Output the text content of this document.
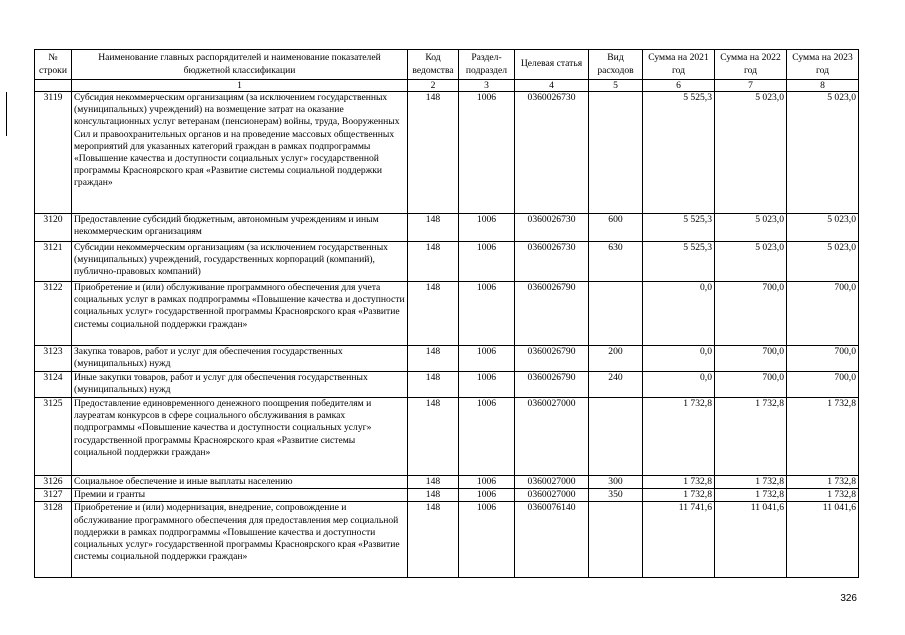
№ строки	Наименование главных распорядителей и наименование показателей бюджетной классификации	Код ведомства	Раздел-подраздел	Целевая статья	Вид расходов	Сумма на 2021 год	Сумма на 2022 год	Сумма на 2023 год
	1	2	3	4	5	6	7	8
3119	Субсидия некоммерческим организациям (за исключением государственных (муниципальных) учреждений) на возмещение затрат на оказание консультационных услуг ветеранам (пенсионерам) войны, труда, Вооруженных Сил и правоохранительных органов и на проведение массовых общественных мероприятий для указанных категорий граждан в рамках подпрограммы «Повышение качества и доступности социальных услуг» государственной программы Красноярского края «Развитие системы социальной поддержки граждан»	148	1006	0360026730		5 525,3	5 023,0	5 023,0
3120	Предоставление субсидий бюджетным, автономным учреждениям и иным некоммерческим организациям	148	1006	0360026730	600	5 525,3	5 023,0	5 023,0
3121	Субсидии некоммерческим организациям (за исключением государственных (муниципальных) учреждений, государственных корпораций (компаний), публично-правовых компаний)	148	1006	0360026730	630	5 525,3	5 023,0	5 023,0
3122	Приобретение и (или) обслуживание программного обеспечения для учета социальных услуг в рамках подпрограммы «Повышение качества и доступности социальных услуг» государственной программы Красноярского края «Развитие системы социальной поддержки граждан»	148	1006	0360026790		0,0	700,0	700,0
3123	Закупка товаров, работ и услуг для обеспечения государственных (муниципальных) нужд	148	1006	0360026790	200	0,0	700,0	700,0
3124	Иные закупки товаров, работ и услуг для обеспечения государственных (муниципальных) нужд	148	1006	0360026790	240	0,0	700,0	700,0
3125	Предоставление единовременного денежного поощрения победителям и лауреатам конкурсов в сфере социального обслуживания в рамках подпрограммы «Повышение качества и доступности социальных услуг» государственной программы Красноярского края «Развитие системы социальной поддержки граждан»	148	1006	0360027000		1 732,8	1 732,8	1 732,8
3126	Социальное обеспечение и иные выплаты населению	148	1006	0360027000	300	1 732,8	1 732,8	1 732,8
3127	Премии и гранты	148	1006	0360027000	350	1 732,8	1 732,8	1 732,8
3128	Приобретение и (или) модернизация, внедрение, сопровождение и обслуживание программного обеспечения для предоставления мер социальной поддержки в рамках подпрограммы «Повышение качества и доступности социальных услуг» государственной программы Красноярского края «Развитие системы социальной поддержки граждан»	148	1006	0360076140		11 741,6	11 041,6	11 041,6
326
